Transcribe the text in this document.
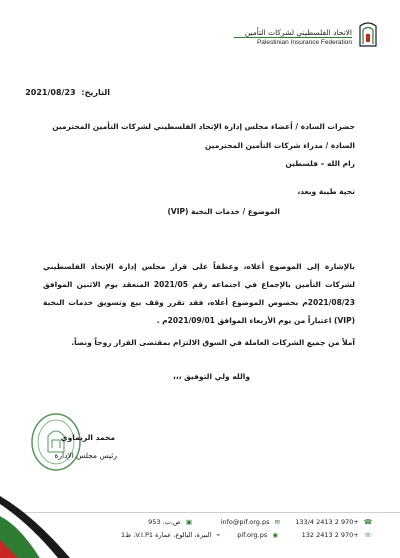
الاتحاد الفلسطيني لشركات التأمين
Palestinian Insurance Federation
التاريخ: 2021/08/23
حضرات السادة / أعضاء مجلس إدارة الإتحاد الفلسطيني لشركات التأمين المحترمين
السادة / مدراء شركات التأمين المحترمين
رام الله – فلسطين
تحية طيبة وبعد،
الموضوع / خدمات النخبة (VIP)
بالإشارة إلى الموضوع أعلاه، وعطفاً على قرار مجلس إدارة الإتحاد الفلسطيني لشركات التأمين بالإجماع في اجتماعه رقم 2021/05 المنعقد يوم الاثنين الموافق 2021/08/23م بخصوص الموضوع أعلاه، فقد تقرر وقف بيع وتسويق خدمات النخبة (VIP) اعتباراً من يوم الأربعاء الموافق 2021/09/01م .
آملاً من جميع الشركات العاملة في السوق الالتزام بمقتضى القرار روحاً ونصاً.
والله ولي التوفيق ،،،
محمد الريماوي
رئيس مجلس الإدارة
☎ +970 2 2413 133/4
☏ +970 2 2413 132
✉ info@pif.org.ps
◉ pif.org.ps
▣ ص.ب. 953
⌖ البيرة، البالوع، عمارة V.I.P1، ط1
